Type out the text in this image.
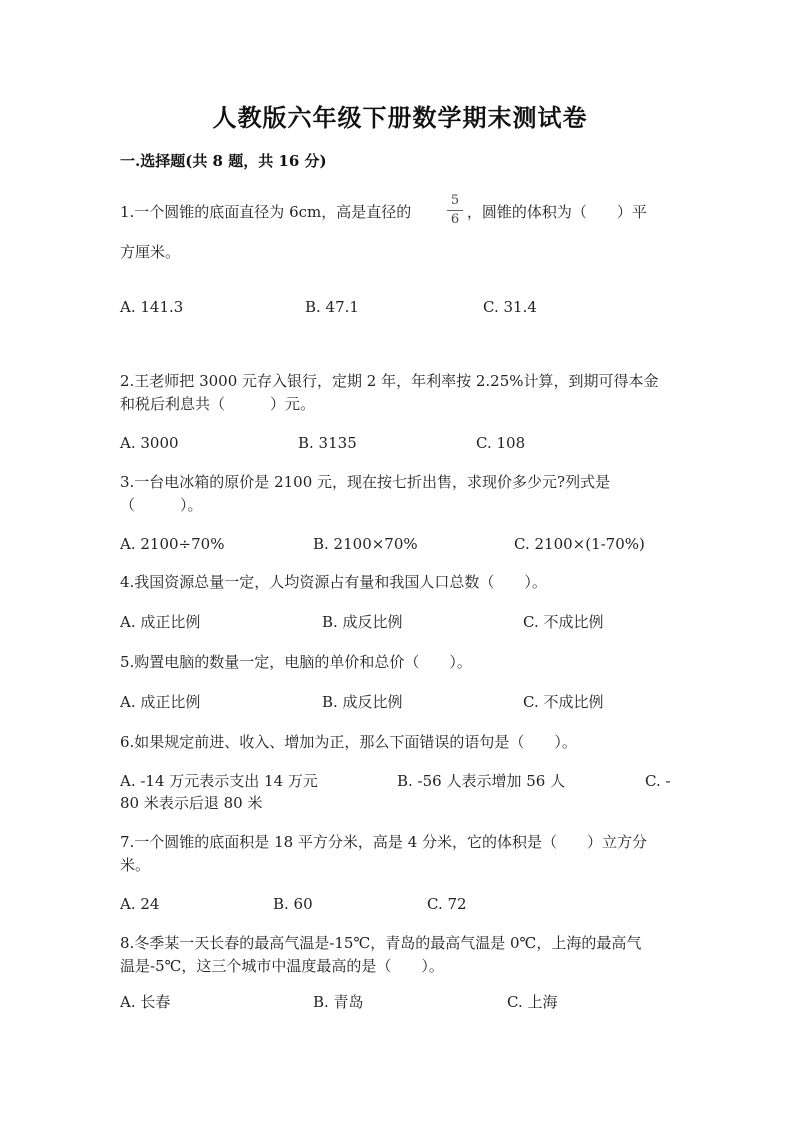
人教版六年级下册数学期末测试卷
一.选择题(共 8 题，共 16 分)
1.一个圆锥的底面直径为 6cm，高是直径的	，圆锥的体积为（　　）平
5
6
方厘米。
A. 141.3	B. 47.1	C. 31.4
2.王老师把 3000 元存入银行，定期 2 年，年利率按 2.25%计算，到期可得本金
和税后利息共（　　　）元。
A. 3000	B. 3135	C. 108
3.一台电冰箱的原价是 2100 元，现在按七折出售，求现价多少元?列式是
（　　　）。
A. 2100÷70%	B. 2100×70%	C. 2100×(1-70%)
4.我国资源总量一定，人均资源占有量和我国人口总数（　　）。
A. 成正比例	B. 成反比例	C. 不成比例
5.购置电脑的数量一定，电脑的单价和总价（　　）。
A. 成正比例	B. 成反比例	C. 不成比例
6.如果规定前进、收入、增加为正，那么下面错误的语句是（　　）。
A. -14 万元表示支出 14 万元	B. -56 人表示增加 56 人	C. -
80 米表示后退 80 米
7.一个圆锥的底面积是 18 平方分米，高是 4 分米，它的体积是（　　）立方分
米。
A. 24	B. 60	C. 72
8.冬季某一天长春的最高气温是-15℃，青岛的最高气温是 0℃，上海的最高气
温是-5℃，这三个城市中温度最高的是（　　）。
A. 长春	B. 青岛	C. 上海
